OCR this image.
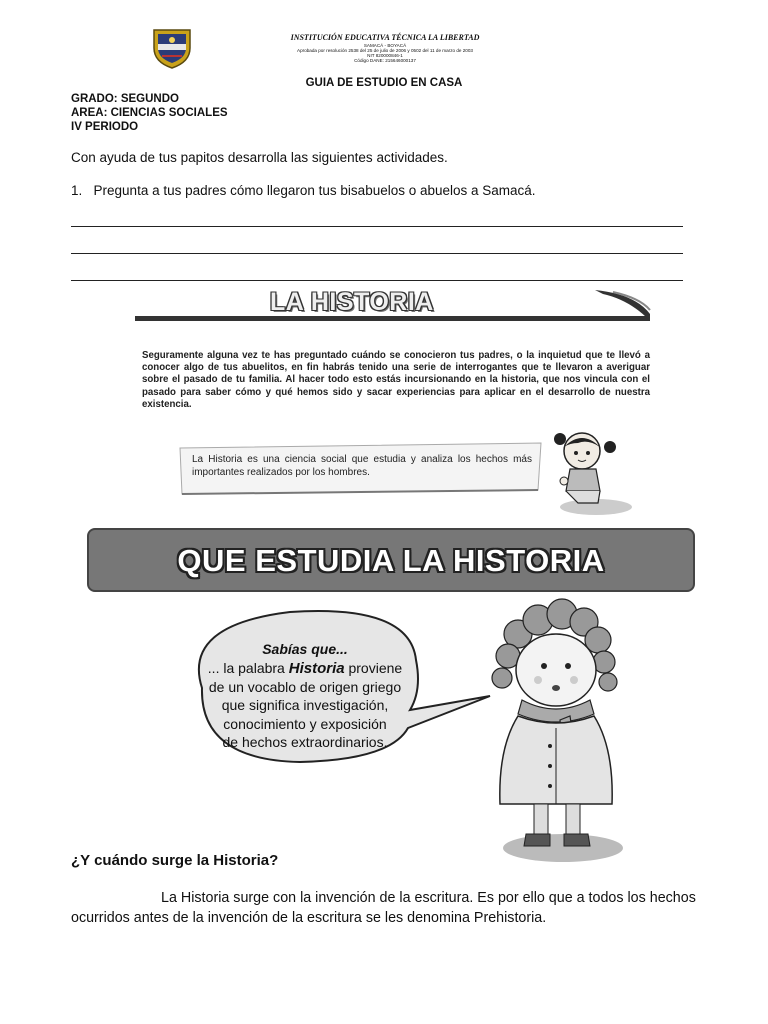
INSTITUCIÓN EDUCATIVA TÉCNICA LA LIBERTAD
SAMACÁ - BOYACÁ
Aprobada por resolución 2538 del 25 de julio de 2006 y 0502 del 11 de marzo de 2003
NIT 820000846-1
Código DANE: 215646000137
GUIA DE ESTUDIO EN CASA
GRADO: SEGUNDO
AREA: CIENCIAS SOCIALES
IV PERIODO
Con ayuda de tus papitos desarrolla las siguientes actividades.
1. Pregunta a tus padres cómo llegaron tus bisabuelos o abuelos a Samacá.
LA HISTORIA
Seguramente alguna vez te has preguntado cuándo se conocieron tus padres, o la inquietud que te llevó a conocer algo de tus abuelitos, en fin habrás tenido una serie de interrogantes que te llevaron a averiguar sobre el pasado de tu familia. Al hacer todo esto estás incursionando en la historia, que nos vincula con el pasado para saber cómo y qué hemos sido y sacar experiencias para aplicar en el desarrollo de nuestra existencia.
La Historia es una ciencia social que estudia y analiza los hechos más importantes realizados por los hombres.
QUE ESTUDIA LA HISTORIA
Sabías que...
... la palabra Historia proviene
de un vocablo de origen griego
que significa investigación,
conocimiento y exposición
de hechos extraordinarios.
¿Y cuándo surge la Historia?
La Historia surge con la invención de la escritura. Es por ello que a todos los hechos ocurridos antes de la invención de la escritura se les denomina Prehistoria.
